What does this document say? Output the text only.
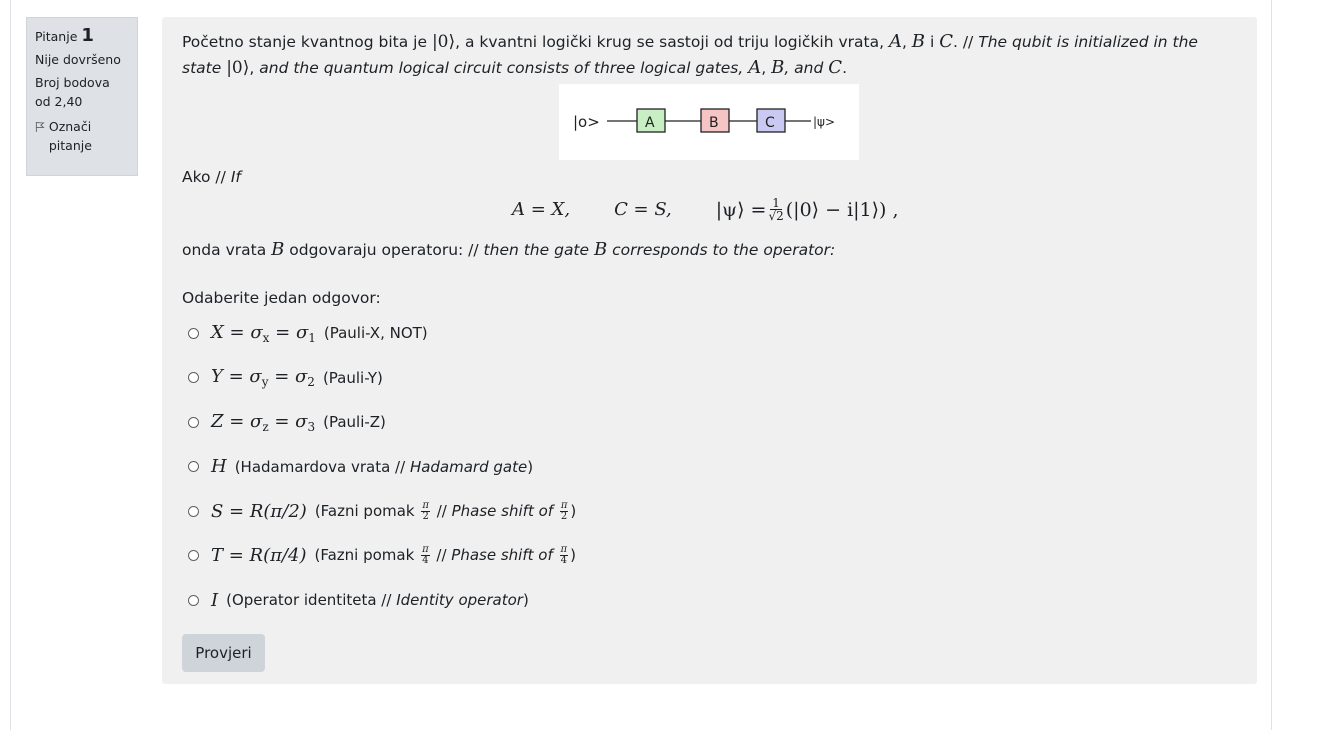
Pitanje 1
Nije dovršeno
Broj bodova od 2,40
Označi pitanje

Početno stanje kvantnog bita je |0⟩, a kvantni logički krug se sastoji od triju logičkih vrata, A, B i C. // The qubit is initialized in the state |0⟩, and the quantum logical circuit consists of three logical gates, A, B, and C.

|o>	A	B	C	|ψ>
Ako // If
A = X, C = S, |ψ⟩ = $\frac{1}{√2}$ (|0⟩ − i|1⟩) ,
onda vrata B odgovaraju operatoru: // then the gate B corresponds to the operator:
Odaberite jedan odgovor:
$X = \sigma_x = \sigma_1$ (Pauli-X, NOT)
$Y = \sigma_y = \sigma_2$ (Pauli-Y)
$Z = \sigma_z = \sigma_3$ (Pauli-Z)
H (Hadamardova vrata // Hadamard gate)
S = R(π/2) (Fazni pomak $\frac{\pi}{2}$ // Phase shift of $\frac{\pi}{2}$ )
T = R(π/4) (Fazni pomak $\frac{\pi}{4}$ // Phase shift of $\frac{\pi}{4}$ )
I (Operator identiteta // Identity operator)
Provjeri
